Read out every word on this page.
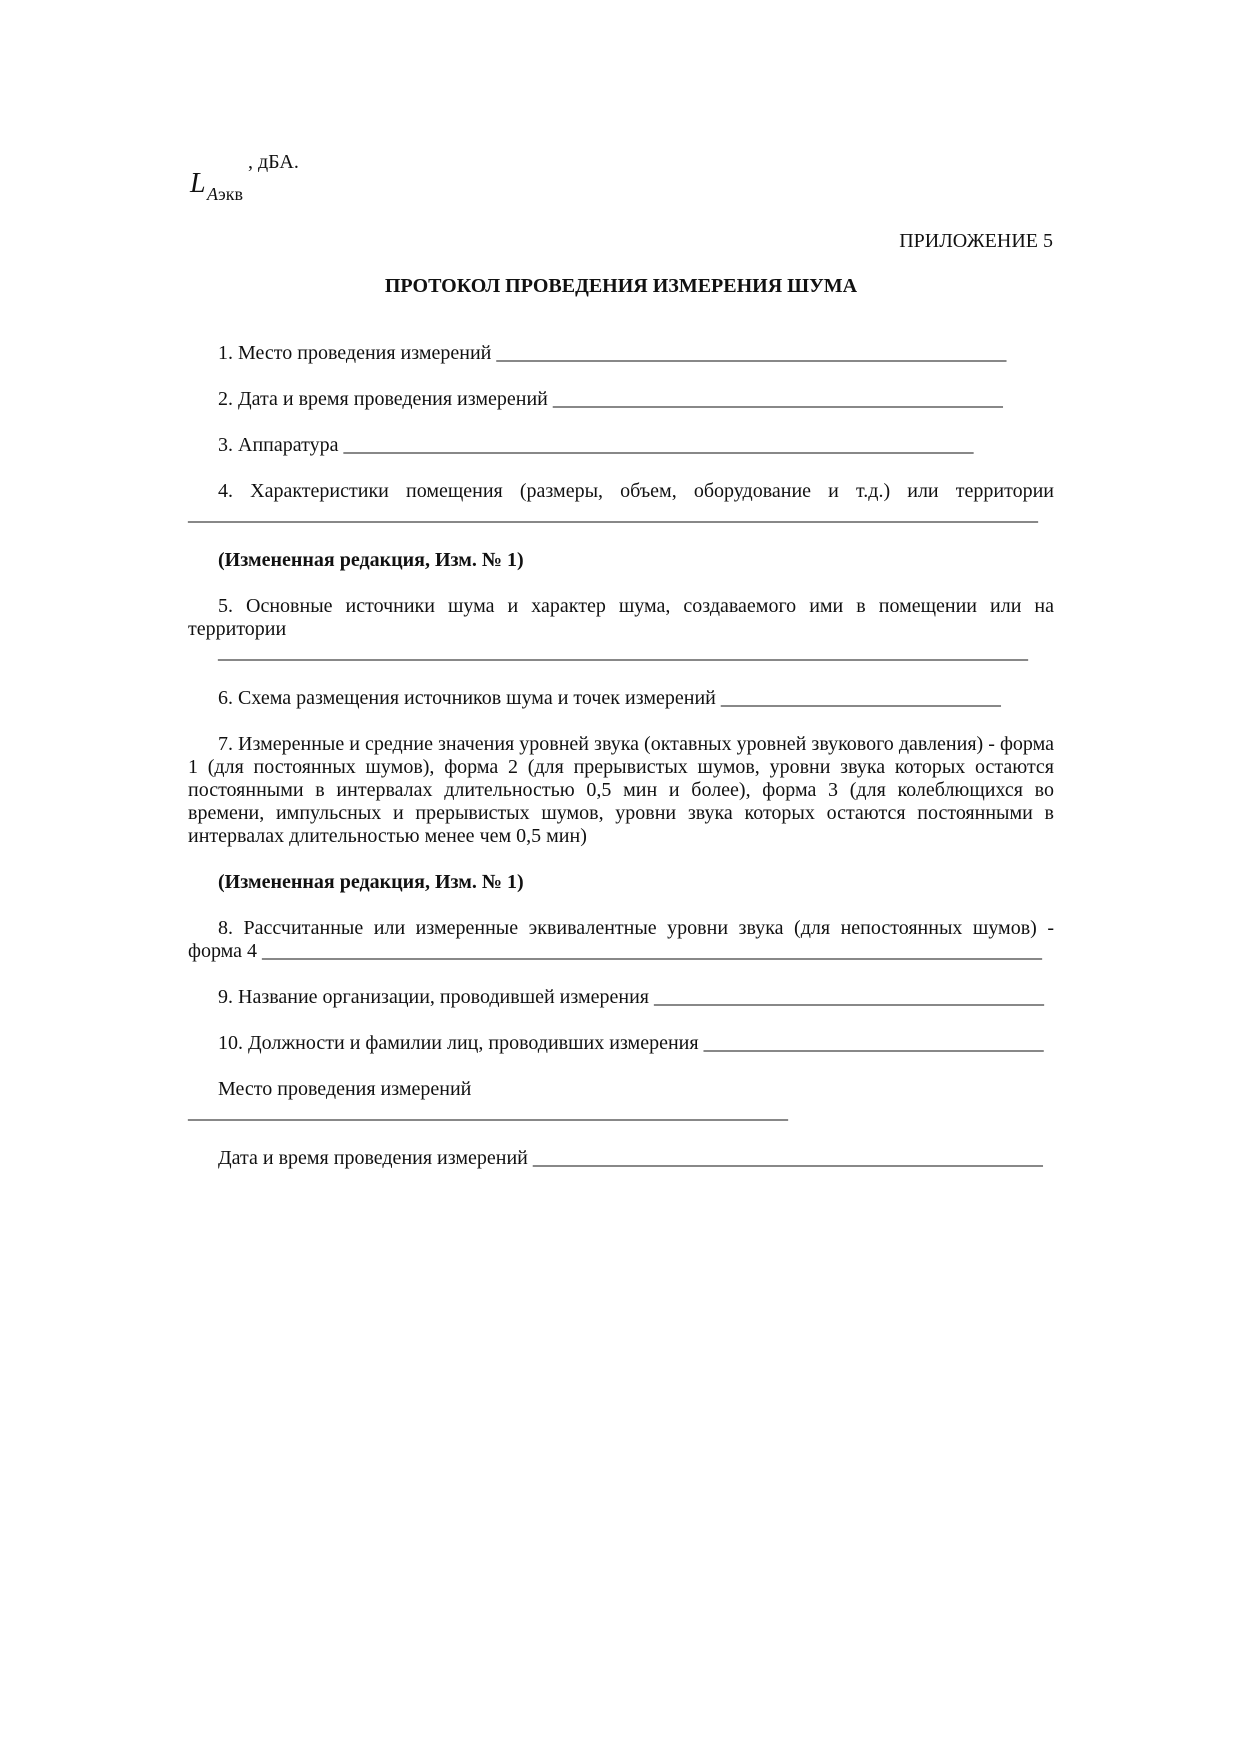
L Aэкв
, дБА.
ПРИЛОЖЕНИЕ 5
ПРОТОКОЛ ПРОВЕДЕНИЯ ИЗМЕРЕНИЯ ШУМА

1. Место проведения измерений ___________________________________________________

2. Дата и время проведения измерений _____________________________________________

3. Аппаратура _______________________________________________________________

4. Характеристики помещения (размеры, объем, оборудование и т.д.) или территории

_____________________________________________________________________________________

(Измененная редакция, Изм. № 1)

5. Основные источники шума и характер шума, создаваемого ими в помещении или на территории

_________________________________________________________________________________

6. Схема размещения источников шума и точек измерений ____________________________

7. Измеренные и средние значения уровней звука (октавных уровней звукового давления) - форма 1 (для постоянных шумов), форма 2 (для прерывистых шумов, уровни звука которых остаются постоянными в интервалах длительностью 0,5 мин и более), форма 3 (для колеблющихся во времени, импульсных и прерывистых шумов, уровни звука которых остаются постоянными в интервалах длительностью менее чем 0,5 мин)

(Измененная редакция, Изм. № 1)

8. Рассчитанные или измеренные эквивалентные уровни звука (для непостоянных шумов) -

форма 4 ______________________________________________________________________________

9. Название организации, проводившей измерения _______________________________________

10. Должности и фамилии лиц, проводивших измерения __________________________________

Место проведения измерений ____________________________________________________________

Дата и время проведения измерений ___________________________________________________
